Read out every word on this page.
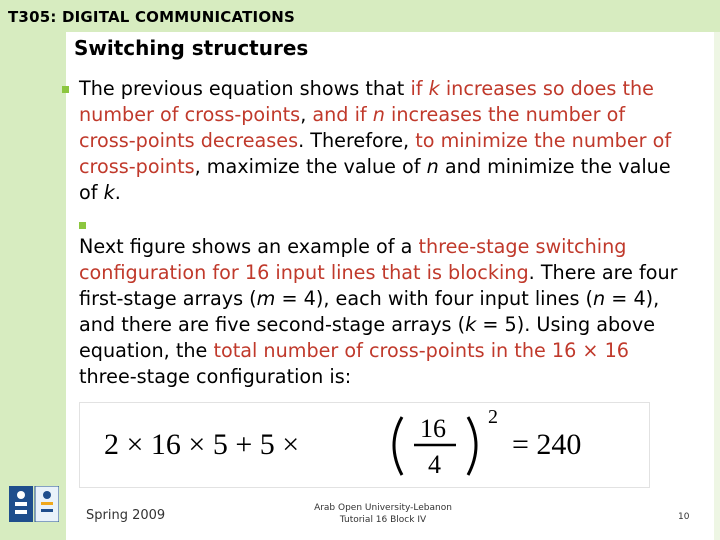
T305: DIGITAL COMMUNICATIONS
Switching structures
The previous equation shows that if k increases so does the number of cross-points, and if n increases the number of cross-points decreases. Therefore, to minimize the number of cross-points, maximize the value of n and minimize the value of k.
Next figure shows an example of a three-stage switching configuration for 16 input lines that is blocking. There are four first-stage arrays (m = 4), each with four input lines (n = 4), and there are five second-stage arrays (k = 5). Using above equation, the total number of cross-points in the 16 × 16 three-stage configuration is:
2 × 16 × 5 + 5 ×	16
4
2
= 240
Spring 2009	Arab Open University-Lebanon
Tutorial 16 Block IV	10
